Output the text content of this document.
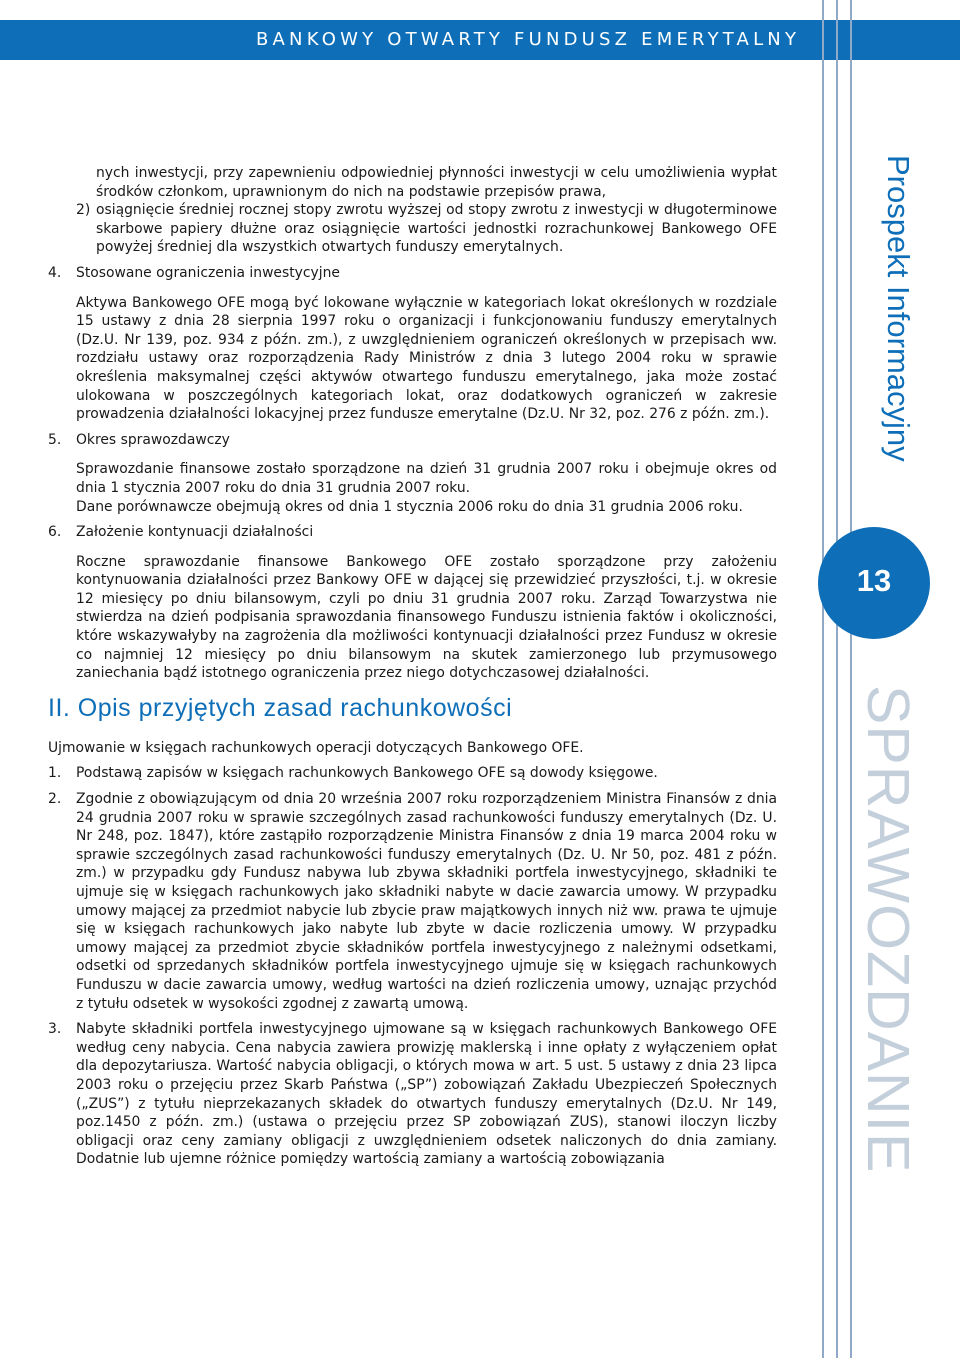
BANKOWY OTWARTY FUNDUSZ EMERYTALNY
Prospekt Informacyjny
13
SPRAWOZDANIE

nych inwestycji, przy zapewnieniu odpowiedniej płynności inwestycji w celu umożliwienia wypłat środków członkom, uprawnionym do nich na podstawie przepisów prawa,

2) osiągnięcie średniej rocznej stopy zwrotu wyższej od stopy zwrotu z inwestycji w długoterminowe skarbowe papiery dłużne oraz osiągnięcie wartości jednostki rozrachunkowej Bankowego OFE powyżej średniej dla wszystkich otwartych funduszy emerytalnych.

4. Stosowane ograniczenia inwestycyjne

Aktywa Bankowego OFE mogą być lokowane wyłącznie w kategoriach lokat określonych w rozdziale 15 ustawy z dnia 28 sierpnia 1997 roku o organizacji i funkcjonowaniu funduszy emerytalnych (Dz.U. Nr 139, poz. 934 z późn. zm.), z uwzględnieniem ograniczeń określonych w przepisach ww. rozdziału ustawy oraz rozporządzenia Rady Ministrów z dnia 3 lutego 2004 roku w sprawie określenia maksymalnej części aktywów otwartego funduszu emerytalnego, jaka może zostać ulokowana w poszczególnych kategoriach lokat, oraz dodatkowych ograniczeń w zakresie prowadzenia działalności lokacyjnej przez fundusze emerytalne (Dz.U. Nr 32, poz. 276 z późn. zm.).

5. Okres sprawozdawczy

Sprawozdanie finansowe zostało sporządzone na dzień 31 grudnia 2007 roku i obejmuje okres od dnia 1 stycznia 2007 roku do dnia 31 grudnia 2007 roku.

Dane porównawcze obejmują okres od dnia 1 stycznia 2006 roku do dnia 31 grudnia 2006 roku.

6. Założenie kontynuacji działalności

Roczne sprawozdanie finansowe Bankowego OFE zostało sporządzone przy założeniu kontynuowania działalności przez Bankowy OFE w dającej się przewidzieć przyszłości, t.j. w okresie 12 miesięcy po dniu bilansowym, czyli po dniu 31 grudnia 2007 roku. Zarząd Towarzystwa nie stwierdza na dzień podpisania sprawozdania finansowego Funduszu istnienia faktów i okoliczności, które wskazywałyby na zagrożenia dla możliwości kontynuacji działalności przez Fundusz w okresie co najmniej 12 miesięcy po dniu bilansowym na skutek zamierzonego lub przymusowego zaniechania bądź istotnego ograniczenia przez niego dotychczasowej działalności.

II. Opis przyjętych zasad rachunkowości

Ujmowanie w księgach rachunkowych operacji dotyczących Bankowego OFE.

1. Podstawą zapisów w księgach rachunkowych Bankowego OFE są dowody księgowe.

2. Zgodnie z obowiązującym od dnia 20 września 2007 roku rozporządzeniem Ministra Finansów z dnia 24 grudnia 2007 roku w sprawie szczególnych zasad rachunkowości funduszy emerytalnych (Dz. U. Nr 248, poz. 1847), które zastąpiło rozporządzenie Ministra Finansów z dnia 19 marca 2004 roku w sprawie szczególnych zasad rachunkowości funduszy emerytalnych (Dz. U. Nr 50, poz. 481 z późn. zm.) w przypadku gdy Fundusz nabywa lub zbywa składniki portfela inwestycyjnego, składniki te ujmuje się w księgach rachunkowych jako składniki nabyte w dacie zawarcia umowy. W przypadku umowy mającej za przedmiot nabycie lub zbycie praw majątkowych innych niż ww. prawa te ujmuje się w księgach rachunkowych jako nabyte lub zbyte w dacie rozliczenia umowy. W przypadku umowy mającej za przedmiot zbycie składników portfela inwestycyjnego z należnymi odsetkami, odsetki od sprzedanych składników portfela inwestycyjnego ujmuje się w księgach rachunkowych Funduszu w dacie zawarcia umowy, według wartości na dzień rozliczenia umowy, uznając przychód z tytułu odsetek w wysokości zgodnej z zawartą umową.

3. Nabyte składniki portfela inwestycyjnego ujmowane są w księgach rachunkowych Bankowego OFE według ceny nabycia. Cena nabycia zawiera prowizję maklerską i inne opłaty z wyłączeniem opłat dla depozytariusza. Wartość nabycia obligacji, o których mowa w art. 5 ust. 5 ustawy z dnia 23 lipca 2003 roku o przejęciu przez Skarb Państwa („SP”) zobowiązań Zakładu Ubezpieczeń Społecznych („ZUS”) z tytułu nieprzekazanych składek do otwartych funduszy emerytalnych (Dz.U. Nr 149, poz.1450 z późn. zm.) (ustawa o przejęciu przez SP zobowiązań ZUS), stanowi iloczyn liczby obligacji oraz ceny zamiany obligacji z uwzględnieniem odsetek naliczonych do dnia zamiany. Dodatnie lub ujemne różnice pomiędzy wartością zamiany a wartością zobowiązania
